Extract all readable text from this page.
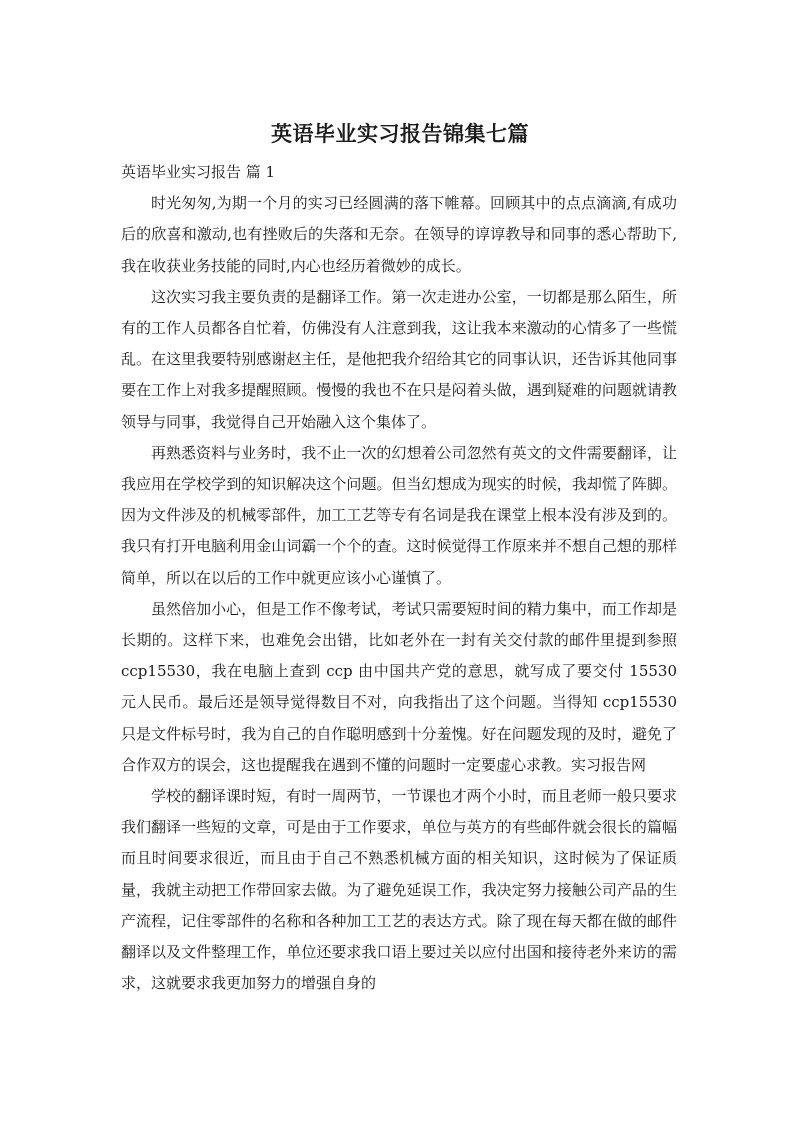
英语毕业实习报告锦集七篇

英语毕业实习报告 篇 1

时光匆匆,为期一个月的实习已经圆满的落下帷幕。回顾其中的点点滴滴,有成功后的欣喜和激动,也有挫败后的失落和无奈。在领导的谆谆教导和同事的悉心帮助下,我在收获业务技能的同时,内心也经历着微妙的成长。

这次实习我主要负责的是翻译工作。第一次走进办公室，一切都是那么陌生，所有的工作人员都各自忙着，仿佛没有人注意到我，这让我本来激动的心情多了一些慌乱。在这里我要特别感谢赵主任，是他把我介绍给其它的同事认识，还告诉其他同事要在工作上对我多提醒照顾。慢慢的我也不在只是闷着头做，遇到疑难的问题就请教领导与同事，我觉得自己开始融入这个集体了。

再熟悉资料与业务时，我不止一次的幻想着公司忽然有英文的文件需要翻译，让我应用在学校学到的知识解决这个问题。但当幻想成为现实的时候，我却慌了阵脚。因为文件涉及的机械零部件，加工工艺等专有名词是我在课堂上根本没有涉及到的。我只有打开电脑利用金山词霸一个个的查。这时候觉得工作原来并不想自己想的那样简单，所以在以后的工作中就更应该小心谨慎了。

虽然倍加小心，但是工作不像考试，考试只需要短时间的精力集中，而工作却是长期的。这样下来，也难免会出错，比如老外在一封有关交付款的邮件里提到参照 ccp15530，我在电脑上查到 ccp 由中国共产党的意思，就写成了要交付 15530 元人民币。最后还是领导觉得数目不对，向我指出了这个问题。当得知 ccp15530 只是文件标号时，我为自己的自作聪明感到十分羞愧。好在问题发现的及时，避免了合作双方的误会，这也提醒我在遇到不懂的问题时一定要虚心求教。实习报告网

学校的翻译课时短，有时一周两节，一节课也才两个小时，而且老师一般只要求我们翻译一些短的文章，可是由于工作要求，单位与英方的有些邮件就会很长的篇幅而且时间要求很近，而且由于自己不熟悉机械方面的相关知识，这时候为了保证质量，我就主动把工作带回家去做。为了避免延误工作，我决定努力接触公司产品的生产流程，记住零部件的名称和各种加工工艺的表达方式。除了现在每天都在做的邮件翻译以及文件整理工作，单位还要求我口语上要过关以应付出国和接待老外来访的需求，这就要求我更加努力的增强自身的
